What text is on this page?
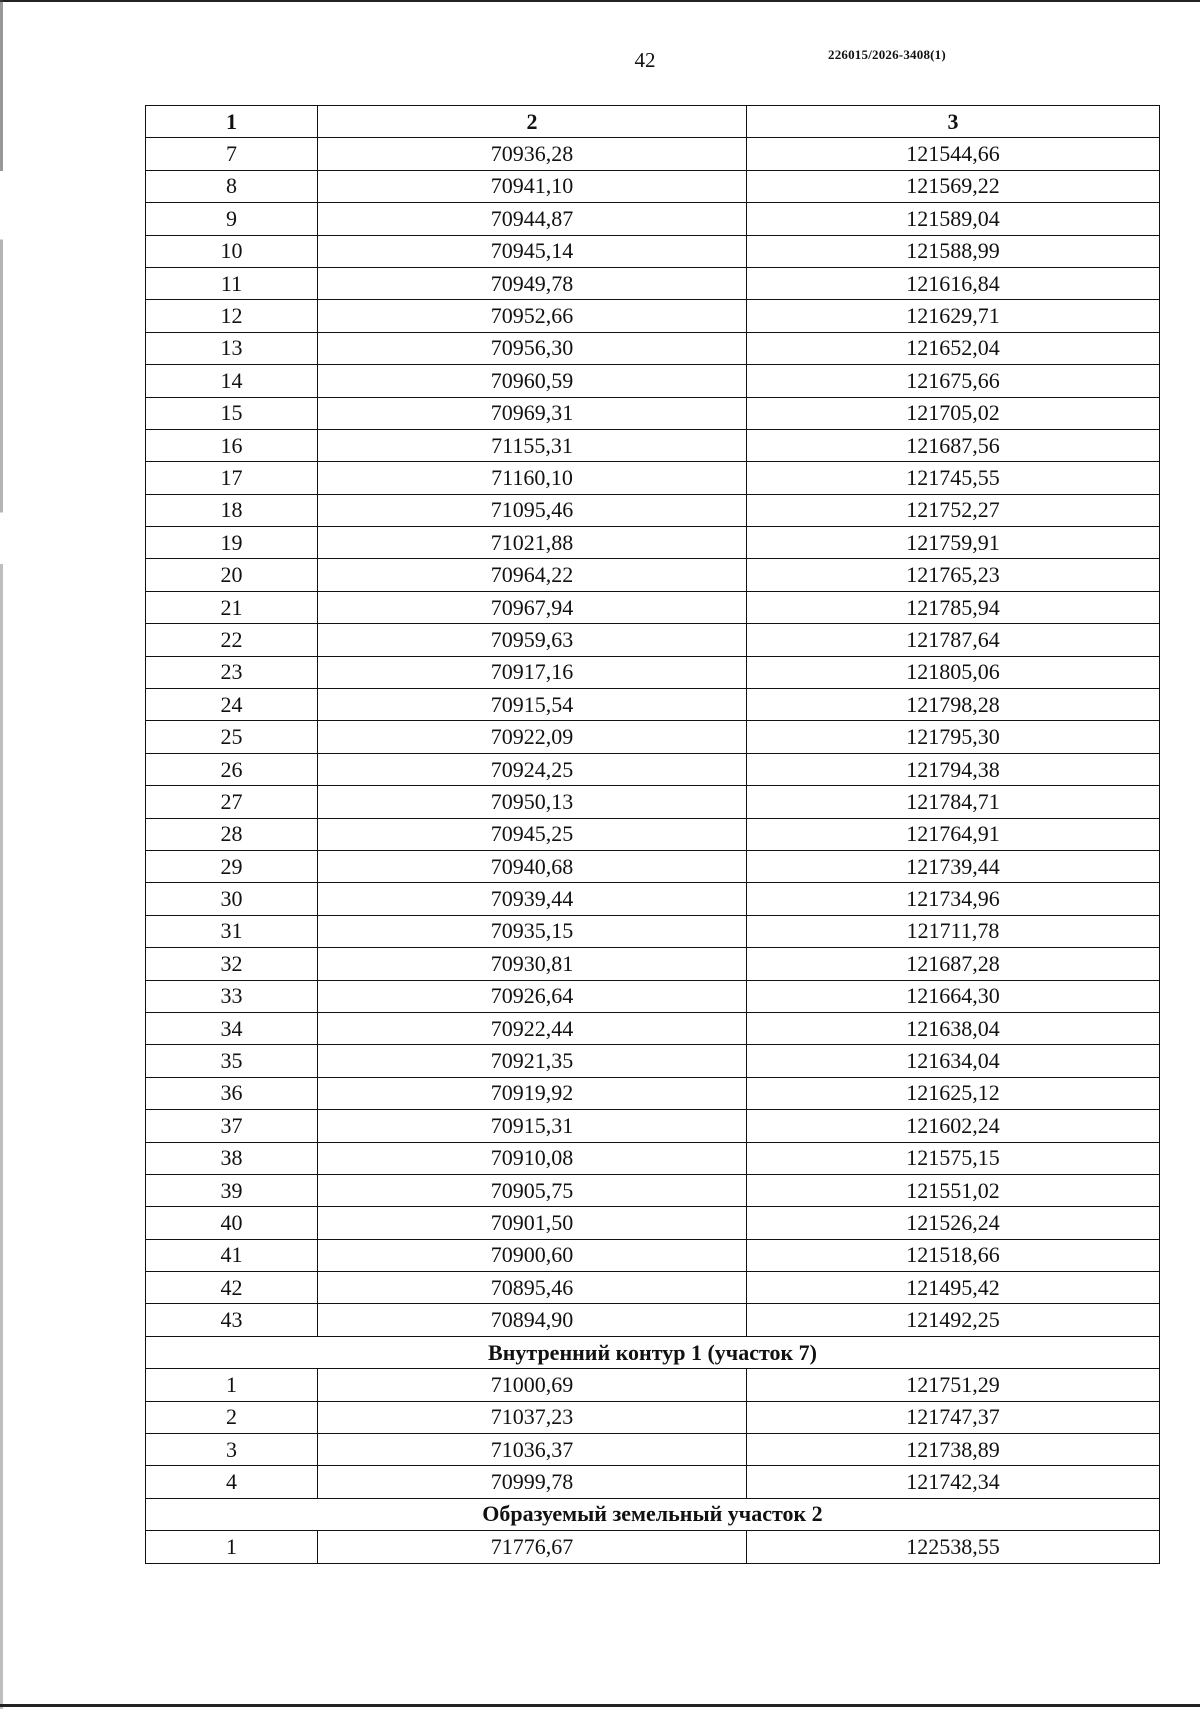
42	226015/2026-3408(1)
1	2	3
7	70936,28	121544,66
8	70941,10	121569,22
9	70944,87	121589,04
10	70945,14	121588,99
11	70949,78	121616,84
12	70952,66	121629,71
13	70956,30	121652,04
14	70960,59	121675,66
15	70969,31	121705,02
16	71155,31	121687,56
17	71160,10	121745,55
18	71095,46	121752,27
19	71021,88	121759,91
20	70964,22	121765,23
21	70967,94	121785,94
22	70959,63	121787,64
23	70917,16	121805,06
24	70915,54	121798,28
25	70922,09	121795,30
26	70924,25	121794,38
27	70950,13	121784,71
28	70945,25	121764,91
29	70940,68	121739,44
30	70939,44	121734,96
31	70935,15	121711,78
32	70930,81	121687,28
33	70926,64	121664,30
34	70922,44	121638,04
35	70921,35	121634,04
36	70919,92	121625,12
37	70915,31	121602,24
38	70910,08	121575,15
39	70905,75	121551,02
40	70901,50	121526,24
41	70900,60	121518,66
42	70895,46	121495,42
43	70894,90	121492,25
Внутренний контур 1 (участок 7)		
1	71000,69	121751,29
2	71037,23	121747,37
3	71036,37	121738,89
4	70999,78	121742,34
Образуемый земельный участок 2		
1	71776,67	122538,55
